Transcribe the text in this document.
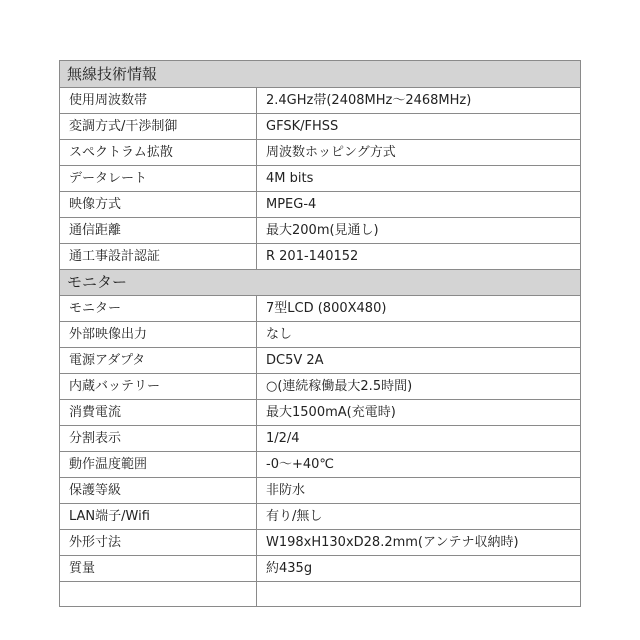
無線技術情報	
使用周波数帯	2.4GHz帯(2408MHz～2468MHz)
変調方式/干渉制御	GFSK/FHSS
スペクトラム拡散	周波数ホッピング方式
データレート	4M bits
映像方式	MPEG-4
通信距離	最大200m(見通し)
通工事設計認証	R 201-140152
モニター	
モニター	7型LCD (800X480)
外部映像出力	なし
電源アダプタ	DC5V 2A
内蔵バッテリー	○(連続稼働最大2.5時間)
消費電流	最大1500mA(充電時)
分割表示	1/2/4
動作温度範囲	-0～+40℃
保護等級	非防水
LAN端子/Wifi	有り/無し
外形寸法	W198xH130xD28.2mm(アンテナ収納時)
質量	約435g
